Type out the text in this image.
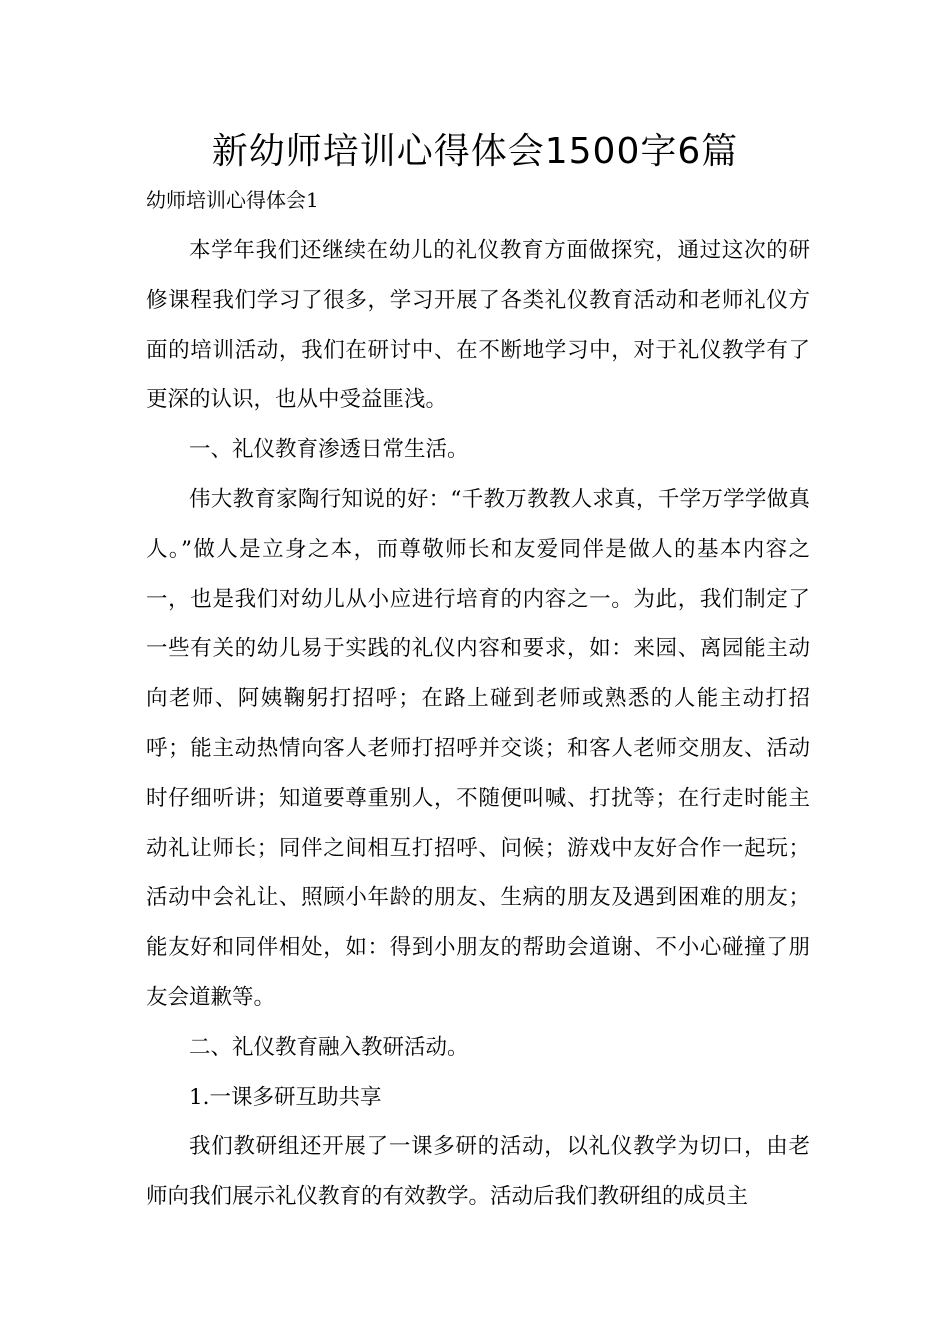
新幼师培训心得体会1500字6篇

幼师培训心得体会1

本学年我们还继续在幼儿的礼仪教育方面做探究，通过这次的研修课程我们学习了很多，学习开展了各类礼仪教育活动和老师礼仪方面的培训活动，我们在研讨中、在不断地学习中，对于礼仪教学有了更深的认识，也从中受益匪浅。

一、礼仪教育渗透日常生活。

伟大教育家陶行知说的好：“千教万教教人求真，千学万学学做真人。”做人是立身之本，而尊敬师长和友爱同伴是做人的基本内容之一，也是我们对幼儿从小应进行培育的内容之一。为此，我们制定了一些有关的幼儿易于实践的礼仪内容和要求，如：来园、离园能主动向老师、阿姨鞠躬打招呼；在路上碰到老师或熟悉的人能主动打招呼；能主动热情向客人老师打招呼并交谈；和客人老师交朋友、活动时仔细听讲；知道要尊重别人，不随便叫喊、打扰等；在行走时能主动礼让师长；同伴之间相互打招呼、问候；游戏中友好合作一起玩；活动中会礼让、照顾小年龄的朋友、生病的朋友及遇到困难的朋友；能友好和同伴相处，如：得到小朋友的帮助会道谢、不小心碰撞了朋友会道歉等。

二、礼仪教育融入教研活动。

1.一课多研互助共享

我们教研组还开展了一课多研的活动，以礼仪教学为切口，由老师向我们展示礼仪教育的有效教学。活动后我们教研组的成员主
